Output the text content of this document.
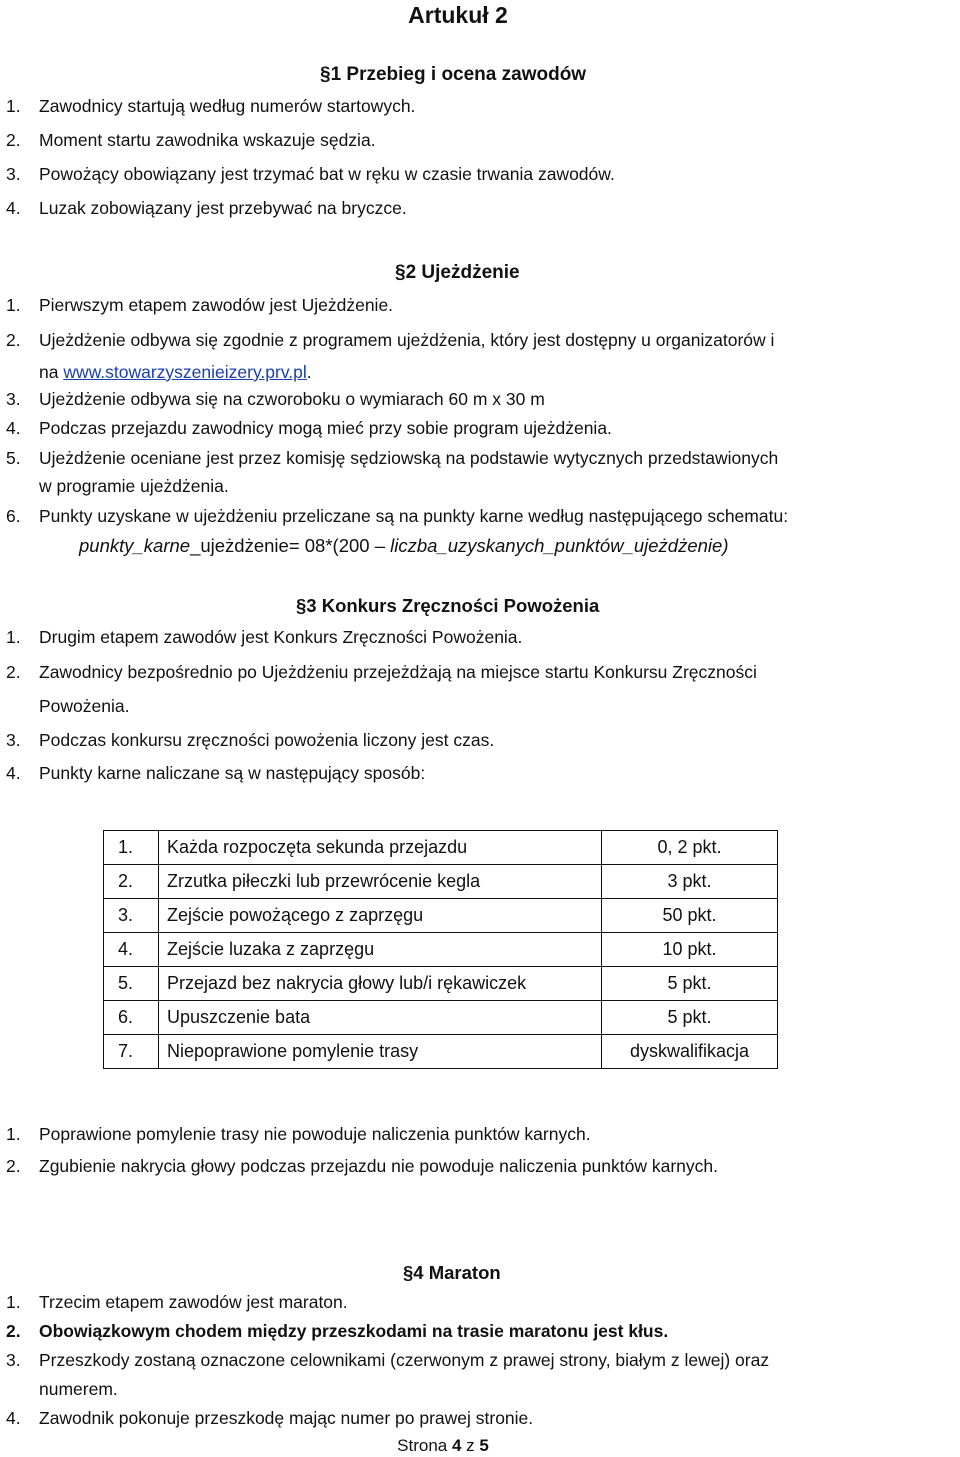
Artukuł 2
§1 Przebieg i ocena zawodów
1. Zawodnicy startują według numerów startowych.
2. Moment startu zawodnika wskazuje sędzia.
3. Powożący obowiązany jest trzymać bat w ręku w czasie trwania zawodów.
4. Luzak zobowiązany jest przebywać na bryczce.
§2 Ujeżdżenie
1. Pierwszym etapem zawodów jest Ujeżdżenie.
2. Ujeżdżenie odbywa się zgodnie z programem ujeżdżenia, który jest dostępny u organizatorów i
na www.stowarzyszenieizery.prv.pl.
3. Ujeżdżenie odbywa się na czworoboku o wymiarach 60 m x 30 m
4. Podczas przejazdu zawodnicy mogą mieć przy sobie program ujeżdżenia.
5. Ujeżdżenie oceniane jest przez komisję sędziowską na podstawie wytycznych przedstawionych
w programie ujeżdżenia.
6. Punkty uzyskane w ujeżdżeniu przeliczane są na punkty karne według następującego schematu:
punkty_karne_ujeżdżenie= 08*(200 – liczba_uzyskanych_punktów_ujeżdżenie)
§3 Konkurs Zręczności Powożenia
1. Drugim etapem zawodów jest Konkurs Zręczności Powożenia.
2. Zawodnicy bezpośrednio po Ujeżdżeniu przejeżdżają na miejsce startu Konkursu Zręczności
Powożenia.
3. Podczas konkursu zręczności powożenia liczony jest czas.
4. Punkty karne naliczane są w następujący sposób:
1.	Każda rozpoczęta sekunda przejazdu	0, 2 pkt.
2.	Zrzutka piłeczki lub przewrócenie kegla	3 pkt.
3.	Zejście powożącego z zaprzęgu	50 pkt.
4.	Zejście luzaka z zaprzęgu	10 pkt.
5.	Przejazd bez nakrycia głowy lub/i rękawiczek	5 pkt.
6.	Upuszczenie bata	5 pkt.
7.	Niepoprawione pomylenie trasy	dyskwalifikacja
1. Poprawione pomylenie trasy nie powoduje naliczenia punktów karnych.
2. Zgubienie nakrycia głowy podczas przejazdu nie powoduje naliczenia punktów karnych.
§4 Maraton
1. Trzecim etapem zawodów jest maraton.
2. Obowiązkowym chodem między przeszkodami na trasie maratonu jest kłus.
3. Przeszkody zostaną oznaczone celownikami (czerwonym z prawej strony, białym z lewej) oraz
numerem.
4. Zawodnik pokonuje przeszkodę mając numer po prawej stronie.
Strona 4 z 5
